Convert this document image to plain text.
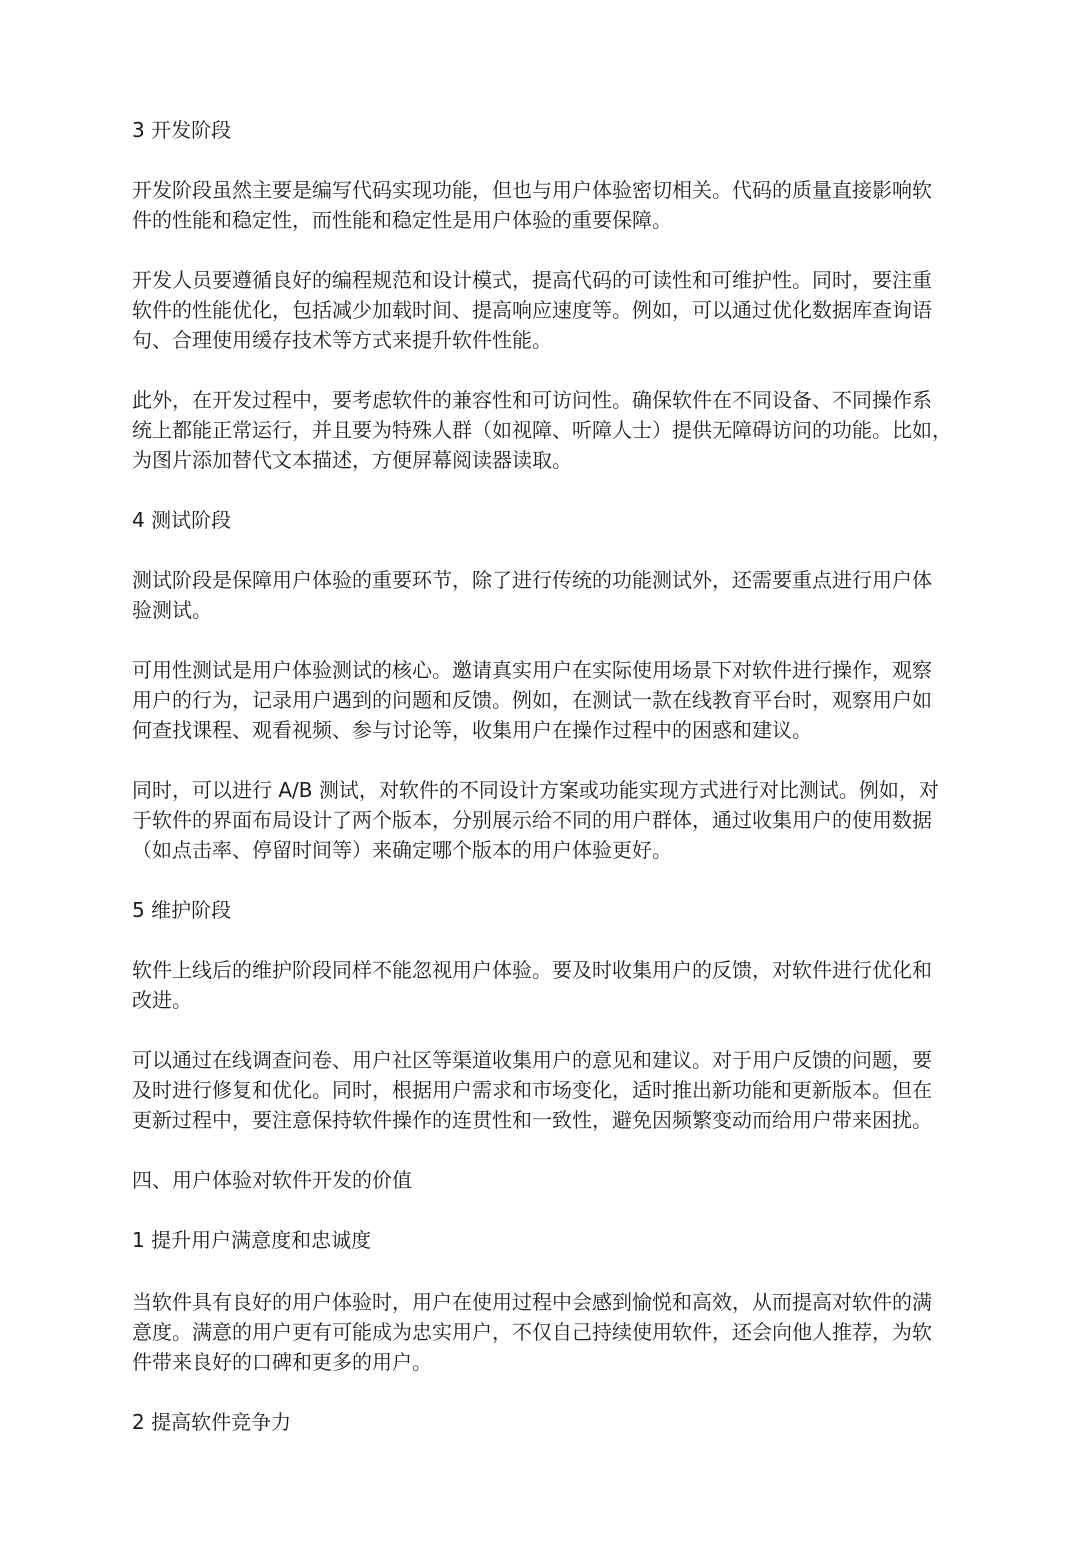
3 开发阶段
开发阶段虽然主要是编写代码实现功能，但也与用户体验密切相关。代码的质量直接影响软
件的性能和稳定性，而性能和稳定性是用户体验的重要保障。
开发人员要遵循良好的编程规范和设计模式，提高代码的可读性和可维护性。同时，要注重
软件的性能优化，包括减少加载时间、提高响应速度等。例如，可以通过优化数据库查询语
句、合理使用缓存技术等方式来提升软件性能。
此外，在开发过程中，要考虑软件的兼容性和可访问性。确保软件在不同设备、不同操作系
统上都能正常运行，并且要为特殊人群（如视障、听障人士）提供无障碍访问的功能。比如，
为图片添加替代文本描述，方便屏幕阅读器读取。
4 测试阶段
测试阶段是保障用户体验的重要环节，除了进行传统的功能测试外，还需要重点进行用户体
验测试。
可用性测试是用户体验测试的核心。邀请真实用户在实际使用场景下对软件进行操作，观察
用户的行为，记录用户遇到的问题和反馈。例如，在测试一款在线教育平台时，观察用户如
何查找课程、观看视频、参与讨论等，收集用户在操作过程中的困惑和建议。
同时，可以进行 A/B 测试，对软件的不同设计方案或功能实现方式进行对比测试。例如，对
于软件的界面布局设计了两个版本，分别展示给不同的用户群体，通过收集用户的使用数据
（如点击率、停留时间等）来确定哪个版本的用户体验更好。
5 维护阶段
软件上线后的维护阶段同样不能忽视用户体验。要及时收集用户的反馈，对软件进行优化和
改进。
可以通过在线调查问卷、用户社区等渠道收集用户的意见和建议。对于用户反馈的问题，要
及时进行修复和优化。同时，根据用户需求和市场变化，适时推出新功能和更新版本。但在
更新过程中，要注意保持软件操作的连贯性和一致性，避免因频繁变动而给用户带来困扰。
四、用户体验对软件开发的价值
1 提升用户满意度和忠诚度
当软件具有良好的用户体验时，用户在使用过程中会感到愉悦和高效，从而提高对软件的满
意度。满意的用户更有可能成为忠实用户，不仅自己持续使用软件，还会向他人推荐，为软
件带来良好的口碑和更多的用户。
2 提高软件竞争力
